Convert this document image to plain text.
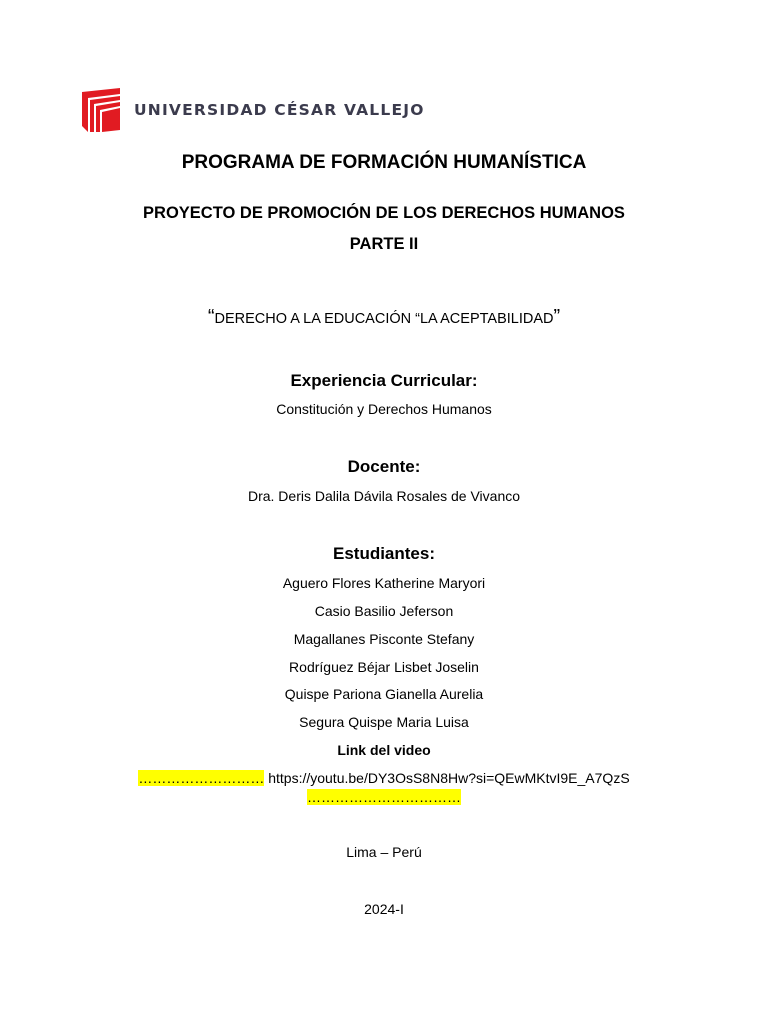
UNIVERSIDAD CÉSAR VALLEJO
PROGRAMA DE FORMACIÓN HUMANÍSTICA
PROYECTO DE PROMOCIÓN DE LOS DERECHOS HUMANOS
PARTE II
“DERECHO A LA EDUCACIÓN “LA ACEPTABILIDAD”
Experiencia Curricular:
Constitución y Derechos Humanos
Docente:
Dra. Deris Dalila Dávila Rosales de Vivanco
Estudiantes:
Aguero Flores Katherine Maryori
Casio Basilio Jeferson
Magallanes Pisconte Stefany
Rodríguez Béjar Lisbet Joselin
Quispe Pariona Gianella Aurelia
Segura Quispe Maria Luisa
Link del video
……………………… https://youtu.be/DY3OsS8N8Hw?si=QEwMKtvI9E_A7QzS
……………………………
Lima – Perú
2024-I
